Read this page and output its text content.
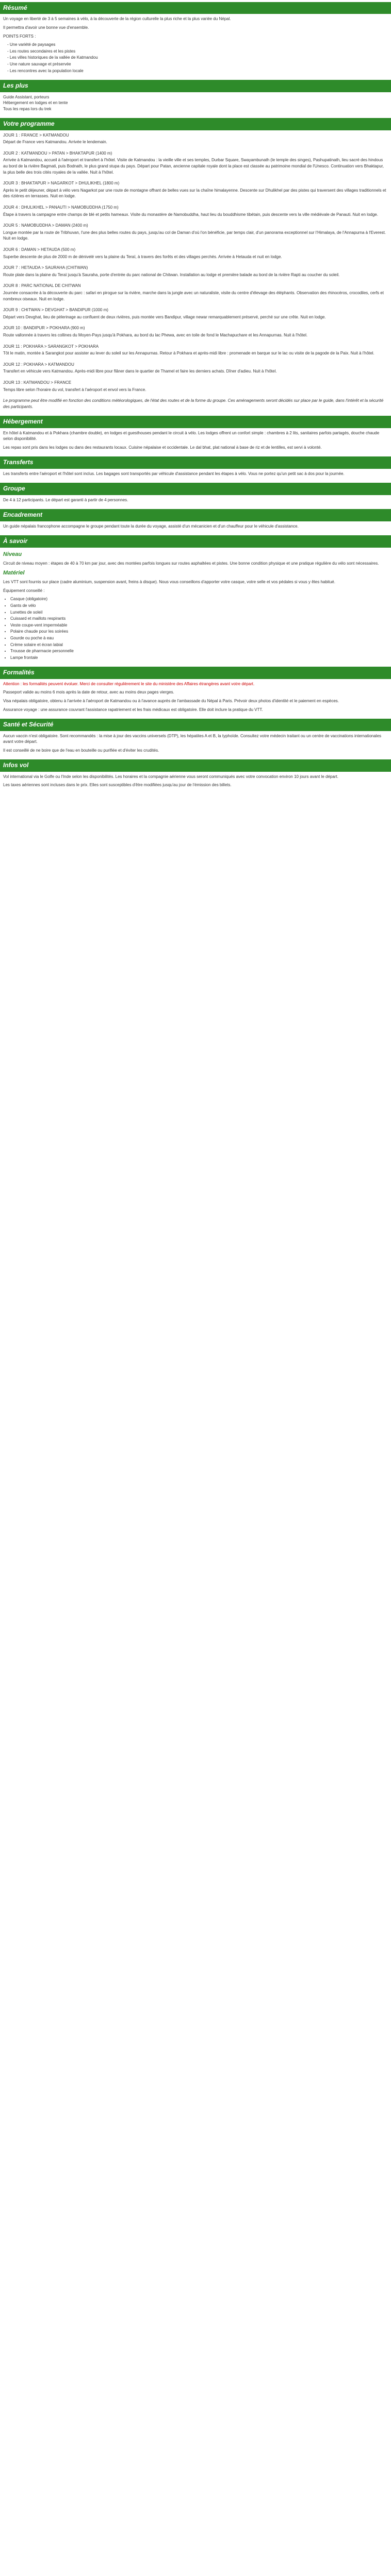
Résumé

Un voyage en liberté de 3 à 5 semaines à vélo, à la découverte de la région culturelle la plus riche et la plus variée du Népal.

Il permettra d'avoir une bonne vue d'ensemble.

POINTS FORTS :

- Une variété de paysages
- Les routes secondaires et les pistes
- Les villes historiques de la vallée de Katmandou
- Une nature sauvage et préservée
- Les rencontres avec la population locale
Les plus
Guide Assistant, porteurs
Hébergement en lodges et en tente
Tous les repas lors du trek
Votre programme
JOUR 1 : FRANCE > KATMANDOU

Départ de France vers Katmandou. Arrivée le lendemain.

JOUR 2 : KATMANDOU > PATAN > BHAKTAPUR (1400 m)

Arrivée à Katmandou, accueil à l'aéroport et transfert à l'hôtel. Visite de Katmandou : la vieille ville et ses temples, Durbar Square, Swayambunath (le temple des singes), Pashupatinath, lieu sacré des hindous au bord de la rivière Bagmati, puis Bodnath, le plus grand stupa du pays. Départ pour Patan, ancienne capitale royale dont la place est classée au patrimoine mondial de l'Unesco. Continuation vers Bhaktapur, la plus belle des trois cités royales de la vallée. Nuit à l'hôtel.

JOUR 3 : BHAKTAPUR > NAGARKOT > DHULIKHEL (1800 m)

Après le petit déjeuner, départ à vélo vers Nagarkot par une route de montagne offrant de belles vues sur la chaîne himalayenne. Descente sur Dhulikhel par des pistes qui traversent des villages traditionnels et des rizières en terrasses. Nuit en lodge.

JOUR 4 : DHULIKHEL > PANAUTI > NAMOBUDDHA (1750 m)

Étape à travers la campagne entre champs de blé et petits hameaux. Visite du monastère de Namobuddha, haut lieu du bouddhisme tibétain, puis descente vers la ville médiévale de Panauti. Nuit en lodge.

JOUR 5 : NAMOBUDDHA > DAMAN (2400 m)

Longue montée par la route de Tribhuvan, l'une des plus belles routes du pays, jusqu'au col de Daman d'où l'on bénéficie, par temps clair, d'un panorama exceptionnel sur l'Himalaya, de l'Annapurna à l'Everest. Nuit en lodge.

JOUR 6 : DAMAN > HETAUDA (500 m)

Superbe descente de plus de 2000 m de dénivelé vers la plaine du Teraï, à travers des forêts et des villages perchés. Arrivée à Hetauda et nuit en lodge.

JOUR 7 : HETAUDA > SAURAHA (CHITWAN)

Route plate dans la plaine du Teraï jusqu'à Sauraha, porte d'entrée du parc national de Chitwan. Installation au lodge et première balade au bord de la rivière Rapti au coucher du soleil.

JOUR 8 : PARC NATIONAL DE CHITWAN

Journée consacrée à la découverte du parc : safari en pirogue sur la rivière, marche dans la jungle avec un naturaliste, visite du centre d'élevage des éléphants. Observation des rhinocéros, crocodiles, cerfs et nombreux oiseaux. Nuit en lodge.

JOUR 9 : CHITWAN > DEVGHAT > BANDIPUR (1000 m)

Départ vers Devghat, lieu de pèlerinage au confluent de deux rivières, puis montée vers Bandipur, village newar remarquablement préservé, perché sur une crête. Nuit en lodge.

JOUR 10 : BANDIPUR > POKHARA (900 m)

Route vallonnée à travers les collines du Moyen-Pays jusqu'à Pokhara, au bord du lac Phewa, avec en toile de fond le Machapuchare et les Annapurnas. Nuit à l'hôtel.

JOUR 11 : POKHARA > SARANGKOT > POKHARA

Tôt le matin, montée à Sarangkot pour assister au lever du soleil sur les Annapurnas. Retour à Pokhara et après-midi libre : promenade en barque sur le lac ou visite de la pagode de la Paix. Nuit à l'hôtel.

JOUR 12 : POKHARA > KATMANDOU

Transfert en véhicule vers Katmandou. Après-midi libre pour flâner dans le quartier de Thamel et faire les derniers achats. Dîner d'adieu. Nuit à l'hôtel.

JOUR 13 : KATMANDOU > FRANCE

Temps libre selon l'horaire du vol, transfert à l'aéroport et envol vers la France.

Le programme peut être modifié en fonction des conditions météorologiques, de l'état des routes et de la forme du groupe. Ces aménagements seront décidés sur place par le guide, dans l'intérêt et la sécurité des participants.

Hébergement

En hôtel à Katmandou et à Pokhara (chambre double), en lodges et guesthouses pendant le circuit à vélo. Les lodges offrent un confort simple : chambres à 2 lits, sanitaires parfois partagés, douche chaude selon disponibilité.

Les repas sont pris dans les lodges ou dans des restaurants locaux. Cuisine népalaise et occidentale. Le dal bhat, plat national à base de riz et de lentilles, est servi à volonté.

Transferts

Les transferts entre l'aéroport et l'hôtel sont inclus. Les bagages sont transportés par véhicule d'assistance pendant les étapes à vélo. Vous ne portez qu'un petit sac à dos pour la journée.

Groupe

De 4 à 12 participants. Le départ est garanti à partir de 4 personnes.

Encadrement

Un guide népalais francophone accompagne le groupe pendant toute la durée du voyage, assisté d'un mécanicien et d'un chauffeur pour le véhicule d'assistance.

À savoir
Niveau

Circuit de niveau moyen : étapes de 40 à 70 km par jour, avec des montées parfois longues sur routes asphaltées et pistes. Une bonne condition physique et une pratique régulière du vélo sont nécessaires.

Matériel

Les VTT sont fournis sur place (cadre aluminium, suspension avant, freins à disque). Nous vous conseillons d'apporter votre casque, votre selle et vos pédales si vous y êtes habitué.

Équipement conseillé :

• Casque (obligatoire)
• Gants de vélo
• Lunettes de soleil
• Cuissard et maillots respirants
• Veste coupe-vent imperméable
• Polaire chaude pour les soirées
• Gourde ou poche à eau
• Crème solaire et écran labial
• Trousse de pharmacie personnelle
• Lampe frontale
Formalités

Attention : les formalités peuvent évoluer. Merci de consulter régulièrement le site du ministère des Affaires étrangères avant votre départ.

Passeport valide au moins 6 mois après la date de retour, avec au moins deux pages vierges.

Visa népalais obligatoire, obtenu à l'arrivée à l'aéroport de Katmandou ou à l'avance auprès de l'ambassade du Népal à Paris. Prévoir deux photos d'identité et le paiement en espèces.

Assurance voyage : une assurance couvrant l'assistance rapatriement et les frais médicaux est obligatoire. Elle doit inclure la pratique du VTT.

Santé et Sécurité

Aucun vaccin n'est obligatoire. Sont recommandés : la mise à jour des vaccins universels (DTP), les hépatites A et B, la typhoïde. Consultez votre médecin traitant ou un centre de vaccinations internationales avant votre départ.

Il est conseillé de ne boire que de l'eau en bouteille ou purifiée et d'éviter les crudités.

Infos vol

Vol international via le Golfe ou l'Inde selon les disponibilités. Les horaires et la compagnie aérienne vous seront communiqués avec votre convocation environ 10 jours avant le départ.

Les taxes aériennes sont incluses dans le prix. Elles sont susceptibles d'être modifiées jusqu'au jour de l'émission des billets.
